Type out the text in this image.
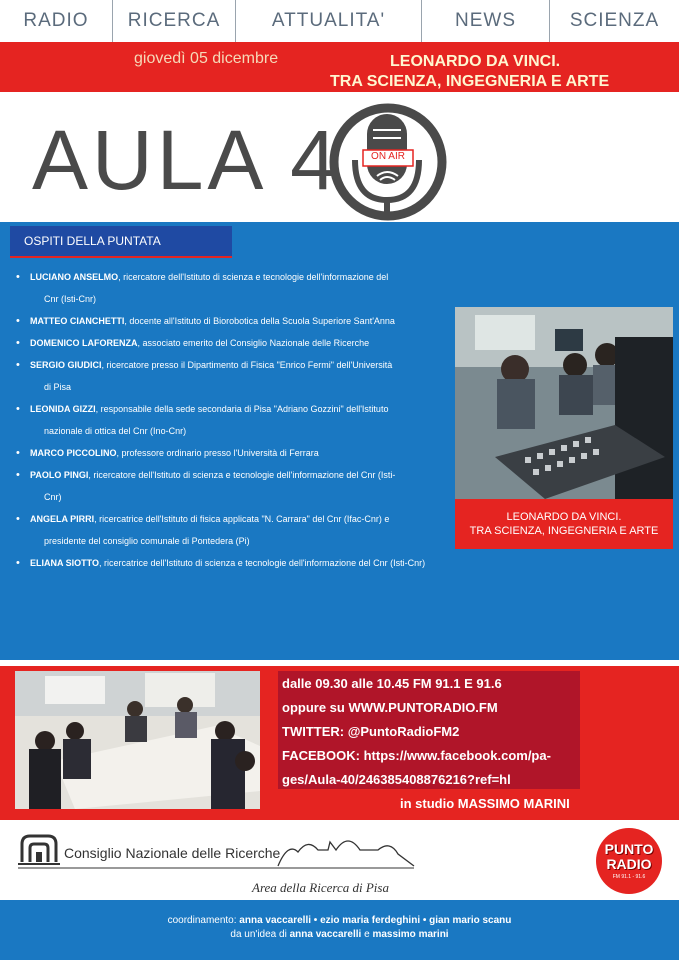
RADIO	RICERCA	ATTUALITA'	NEWS	SCIENZA
giovedì 05 dicembre	LEONARDO DA VINCI.
TRA SCIENZA, INGEGNERIA E ARTE
AULA 4	ON AIR
OSPITI DELLA PUNTATA
• LUCIANO ANSELMO, ricercatore dell'Istituto di scienza e tecnologie dell'informazione del
Cnr (Isti-Cnr)
• MATTEO CIANCHETTI, docente all'Istituto di Biorobotica della Scuola Superiore Sant'Anna
• DOMENICO LAFORENZA, associato emerito del Consiglio Nazionale delle Ricerche
• SERGIO GIUDICI, ricercatore presso il Dipartimento di Fisica "Enrico Fermi" dell'Università
di Pisa
• LEONIDA GIZZI, responsabile della sede secondaria di Pisa "Adriano Gozzini" dell'Istituto
nazionale di ottica del Cnr (Ino-Cnr)
• MARCO PICCOLINO, professore ordinario presso l'Università di Ferrara
• PAOLO PINGI, ricercatore dell'Istituto di scienza e tecnologie dell'informazione del Cnr (Isti-
Cnr)
• ANGELA PIRRI, ricercatrice dell'Istituto di fisica applicata "N. Carrara" del Cnr (Ifac-Cnr) e
presidente del consiglio comunale di Pontedera (Pi)
• ELIANA SIOTTO, ricercatrice dell'Istituto di scienza e tecnologie dell'informazione del Cnr (Isti-Cnr)
LEONARDO DA VINCI.
TRA SCIENZA, INGEGNERIA E ARTE
dalle 09.30 alle 10.45 FM 91.1 E 91.6
oppure su WWW.PUNTORADIO.FM
TWITTER: @PuntoRadioFM2
FACEBOOK: https://www.facebook.com/pa-
ges/Aula-40/246385408876216?ref=hl
in studio MASSIMO MARINI
Consiglio Nazionale delle Ricerche
Area della Ricerca di Pisa
PUNTO
RADIO
FM 91.1 - 91.6
coordinamento: anna vaccarelli • ezio maria ferdeghini • gian mario scanu
da un'idea di anna vaccarelli e massimo marini
